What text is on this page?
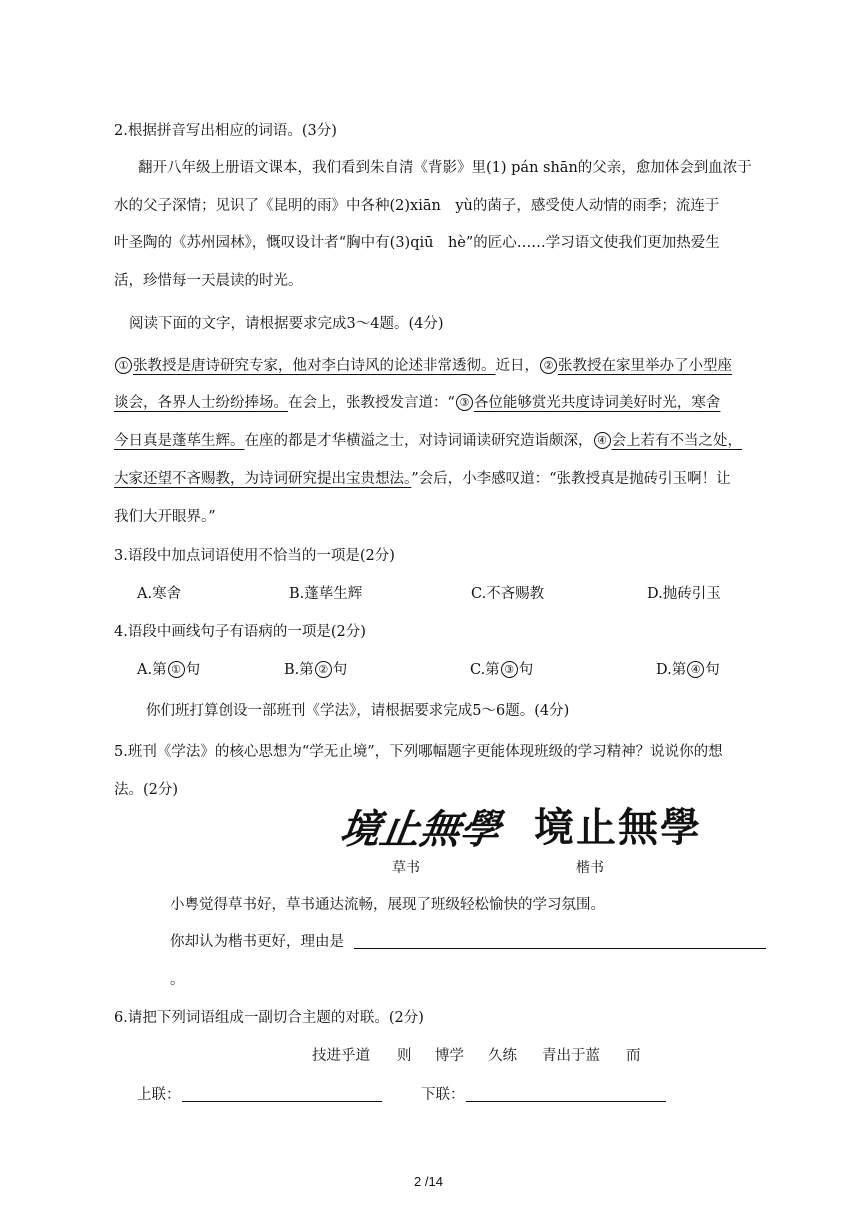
2.根据拼音写出相应的词语。(3分)
翻开八年级上册语文课本，我们看到朱自清《背影》里(1) pán shān的父亲，愈加体会到血浓于
水的父子深情；见识了《昆明的雨》中各种(2)xiān　yù的菌子，感受使人动情的雨季；流连于
叶圣陶的《苏州园林》，慨叹设计者“胸中有(3)qiū　hè”的匠心……学习语文使我们更加热爱生
活，珍惜每一天晨读的时光。
阅读下面的文字，请根据要求完成3～4题。(4分)
① 张教授是唐诗研究专家，他对李白诗风的论述非常透彻。近日， ② 张教授在家里举办了小型座
谈会，各界人士纷纷捧场。在会上，张教授发言道：“ ③ 各位能够赏光共度诗词美好时光，寒舍
今日真是蓬荜生辉。在座的都是才华横溢之士，对诗词诵读研究造诣颇深， ④ 会上若有不当之处，
大家还望不吝赐教，为诗词研究提出宝贵想法。”会后，小李感叹道：“张教授真是抛砖引玉啊！让
我们大开眼界。”
3.语段中加点词语使用不恰当的一项是(2分)
A.寒舍	B.蓬荜生辉	C.不吝赐教	D.抛砖引玉
4.语段中画线句子有语病的一项是(2分)
A.第 ① 句	B.第 ② 句	C.第 ③ 句	D.第 ④ 句
你们班打算创设一部班刊《学法》，请根据要求完成5～6题。(4分)
5.班刊《学法》的核心思想为“学无止境”，下列哪幅题字更能体现班级的学习精神？说说你的想
法。(2分)
境止無學
草书
境止無學
楷书
小粤觉得草书好，草书通达流畅，展现了班级轻松愉快的学习氛围。
你却认为楷书更好，理由是
。
6.请把下列词语组成一副切合主题的对联。(2分)
技进乎道 则 博学 久练 青出于蓝 而
上联：	下联：
2 /14
